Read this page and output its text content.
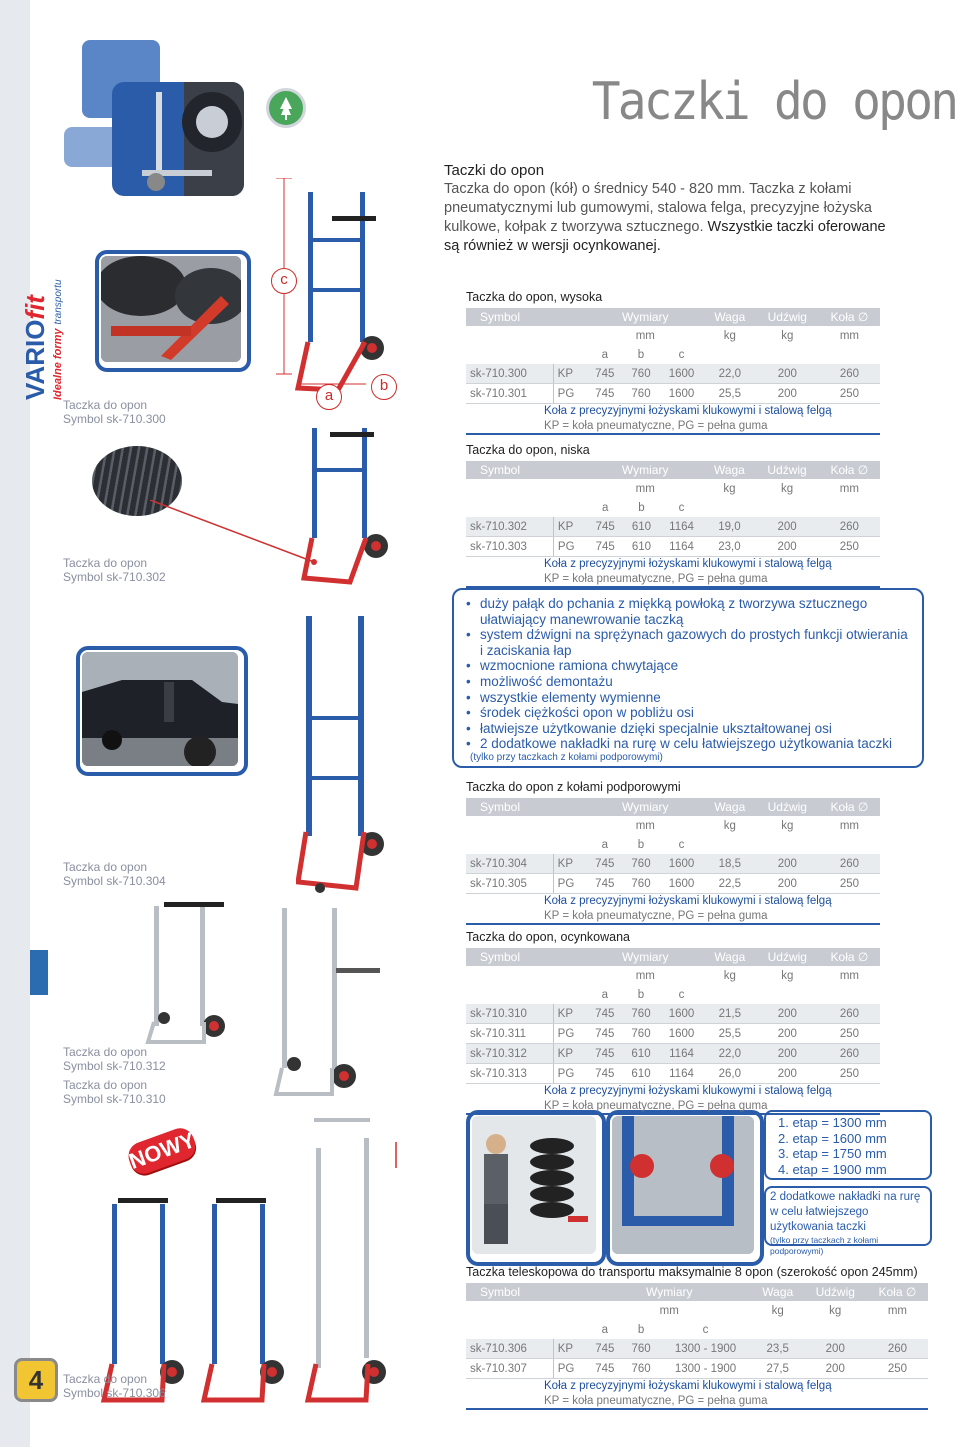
VARIOfit
Idealne formytransportu
4
Taczki do opon
Taczki do opon
Taczka do opon (kół) o średnicy 540 - 820 mm. Taczka z kołami pneumatycznymi lub gumowymi, stalowa felga, precyzyjne łożyska kulkowe, kołpak z tworzywa sztucznego. Wszystkie taczki oferowane są również w wersji ocynkowanej.
c
a
b
Taczka do opon
Symbol sk-710.300
Taczka do opon
Symbol sk-710.302
Taczka do opon
Symbol sk-710.304
Taczka do opon
Symbol sk-710.312
Taczka do opon
Symbol sk-710.310
NOWY
Taczka do opon
Symbol sk-710.306
1. etap = 1300 mm
2. etap = 1600 mm
3. etap = 1750 mm
4. etap = 1900 mm
2 dodatkowe nakładki na rurę w celu łatwiejszego użytkowania taczki
(tylko przy taczkach z kołami podporowymi)
• duży pałąk do pchania z miękką powłoką z tworzywa sztucznego ułatwiający manewrowanie taczką
• system dźwigni na sprężynach gazowych do prostych funkcji otwierania i zaciskania łap
• wzmocnione ramiona chwytające
• możliwość demontażu
• wszystkie elementy wymienne
• środek ciężkości opon w pobliżu osi
• łatwiejsze użytkowanie dzięki specjalnie ukształtowanej osi
• 2 dodatkowe nakładki na rurę w celu łatwiejszego użytkowania taczki
(tylko przy taczkach z kołami podporowymi)
Taczka do opon, wysoka
Symbol		Wymiary			Waga	Udźwig	Koła ∅
		mm			kg	kg	mm
		a	b	c			
sk-710.300	KP	745	760	1600	22,0	200	260
sk-710.301	PG	745	760	1600	25,5	200	250
Koła z precyzyjnymi łożyskami klukowymi i stalową felgą
KP = koła pneumatyczne, PG = pełna guma
Taczka do opon, niska
Symbol		Wymiary			Waga	Udźwig	Koła ∅
		mm			kg	kg	mm
		a	b	c			
sk-710.302	KP	745	610	1164	19,0	200	260
sk-710.303	PG	745	610	1164	23,0	200	250
Koła z precyzyjnymi łożyskami klukowymi i stalową felgą
KP = koła pneumatyczne, PG = pełna guma
Taczka do opon z kołami podporowymi
Symbol		Wymiary			Waga	Udźwig	Koła ∅
		mm			kg	kg	mm
		a	b	c			
sk-710.304	KP	745	760	1600	18,5	200	260
sk-710.305	PG	745	760	1600	22,5	200	250
Koła z precyzyjnymi łożyskami klukowymi i stalową felgą
KP = koła pneumatyczne, PG = pełna guma
Taczka do opon, ocynkowana
Symbol		Wymiary			Waga	Udźwig	Koła ∅
		mm			kg	kg	mm
		a	b	c			
sk-710.310	KP	745	760	1600	21,5	200	260
sk-710.311	PG	745	760	1600	25,5	200	250
sk-710.312	KP	745	610	1164	22,0	200	260
sk-710.313	PG	745	610	1164	26,0	200	250
Koła z precyzyjnymi łożyskami klukowymi i stalową felgą
KP = koła pneumatyczne, PG = pełna guma
Taczka teleskopowa do transportu maksymalnie 8 opon (szerokość opon 245mm)
Symbol		Wymiary			Waga	Udźwig	Koła ∅
		mm			kg	kg	mm
		a	b	c			
sk-710.306	KP	745	760	1300 - 1900	23,5	200	260
sk-710.307	PG	745	760	1300 - 1900	27,5	200	250
Koła z precyzyjnymi łożyskami klukowymi i stalową felgą
KP = koła pneumatyczne, PG = pełna guma
